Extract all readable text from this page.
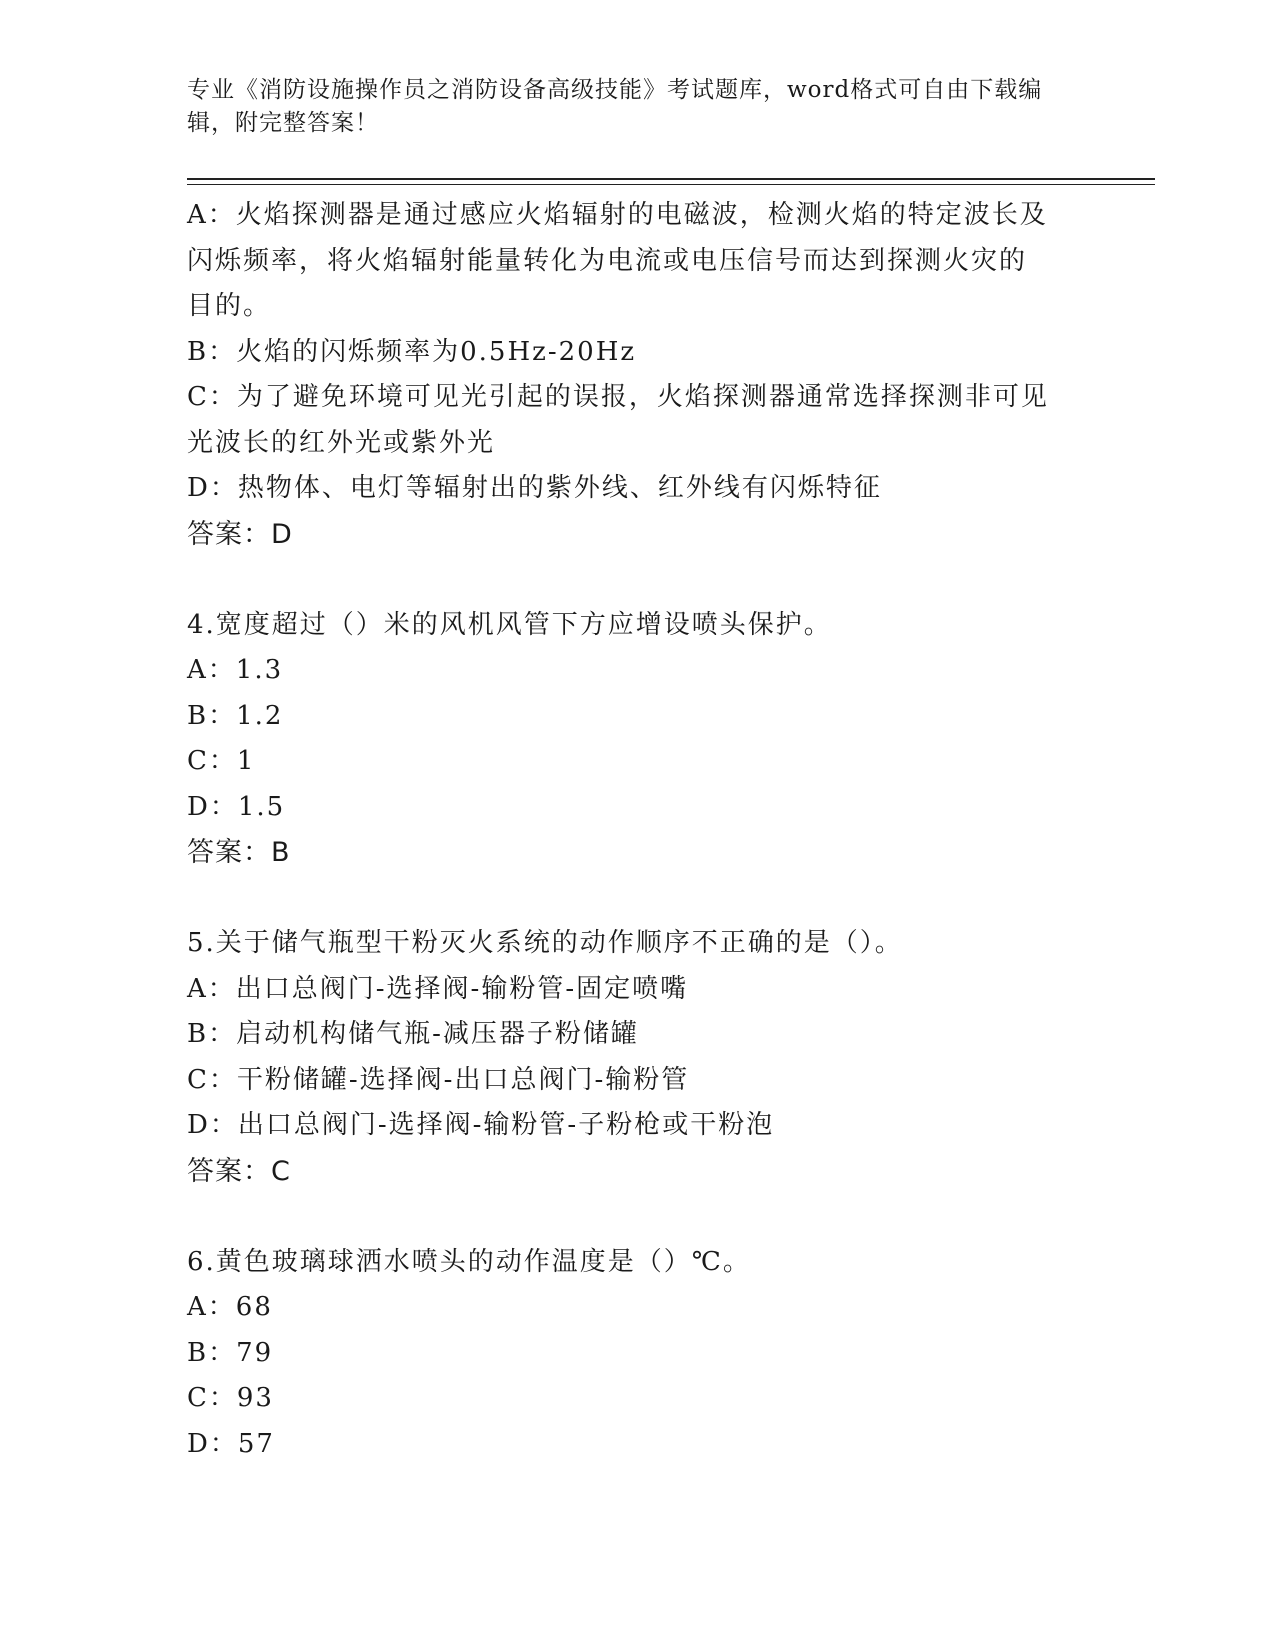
专业《消防设施操作员之消防设备高级技能》考试题库，word格式可自由下载编
辑，附完整答案！
A：火焰探测器是通过感应火焰辐射的电磁波，检测火焰的特定波长及
闪烁频率，将火焰辐射能量转化为电流或电压信号而达到探测火灾的
目的。
B：火焰的闪烁频率为0.5Hz-20Hz
C：为了避免环境可见光引起的误报，火焰探测器通常选择探测非可见
光波长的红外光或紫外光
D：热物体、电灯等辐射出的紫外线、红外线有闪烁特征
答案：D
4.宽度超过（）米的风机风管下方应增设喷头保护。
A：1.3
B：1.2
C：1
D：1.5
答案：B
5.关于储气瓶型干粉灭火系统的动作顺序不正确的是（）。
A：出口总阀门-选择阀-输粉管-固定喷嘴
B：启动机构储气瓶-减压器子粉储罐
C：干粉储罐-选择阀-出口总阀门-输粉管
D：出口总阀门-选择阀-输粉管-子粉枪或干粉泡
答案：C
6.黄色玻璃球洒水喷头的动作温度是（）℃。
A：68
B：79
C：93
D：57
